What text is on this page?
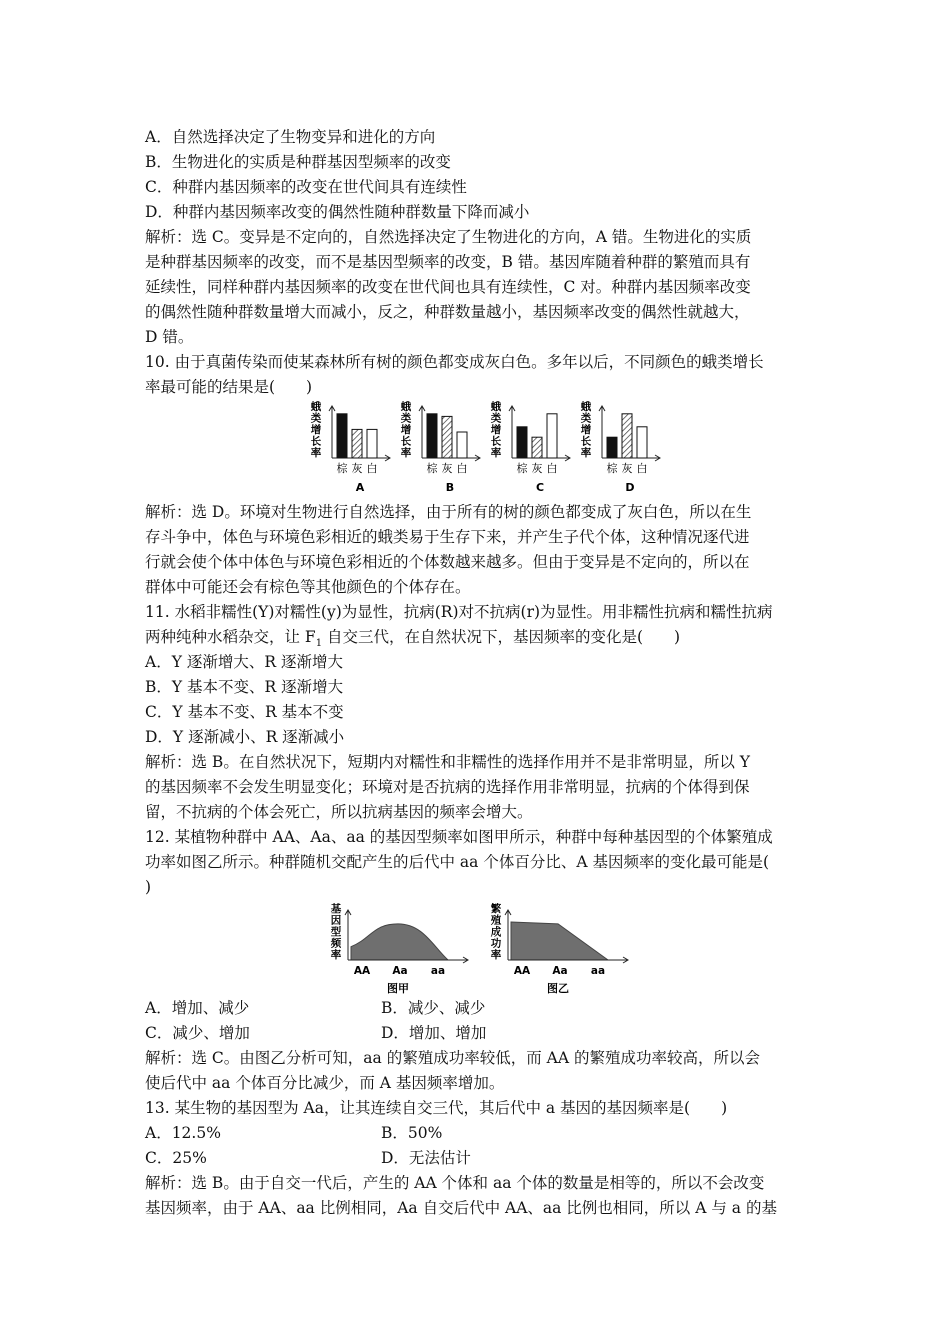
A．自然选择决定了生物变异和进化的方向
B．生物进化的实质是种群基因型频率的改变
C．种群内基因频率的改变在世代间具有连续性
D．种群内基因频率改变的偶然性随种群数量下降而减小
解析：选 C。变异是不定向的，自然选择决定了生物进化的方向，A 错。生物进化的实质
是种群基因频率的改变，而不是基因型频率的改变，B 错。基因库随着种群的繁殖而具有
延续性，同样种群内基因频率的改变在世代间也具有连续性，C 对。种群内基因频率改变
的偶然性随种群数量增大而减小，反之，种群数量越小，基因频率改变的偶然性就越大，
D 错。
10. 由于真菌传染而使某森林所有树的颜色都变成灰白色。多年以后，不同颜色的蛾类增长
率最可能的结果是(　　)
蛾
类
增
长
率
棕 灰 白
A
蛾
类
增
长
率
棕 灰 白
B
蛾
类
增
长
率
棕 灰 白
C
蛾
类
增
长
率
棕 灰 白
D
解析：选 D。环境对生物进行自然选择，由于所有的树的颜色都变成了灰白色，所以在生
存斗争中，体色与环境色彩相近的蛾类易于生存下来，并产生子代个体，这种情况逐代进
行就会使个体中体色与环境色彩相近的个体数越来越多。但由于变异是不定向的，所以在
群体中可能还会有棕色等其他颜色的个体存在。
11. 水稻非糯性(Y)对糯性(y)为显性，抗病(R)对不抗病(r)为显性。用非糯性抗病和糯性抗病
两种纯种水稻杂交，让 $F_1$ 自交三代，在自然状况下，基因频率的变化是(　　)
A．Y 逐渐增大、R 逐渐增大
B．Y 基本不变、R 逐渐增大
C．Y 基本不变、R 基本不变
D．Y 逐渐减小、R 逐渐减小
解析：选 B。在自然状况下，短期内对糯性和非糯性的选择作用并不是非常明显，所以 Y
的基因频率不会发生明显变化；环境对是否抗病的选择作用非常明显，抗病的个体得到保
留，不抗病的个体会死亡，所以抗病基因的频率会增大。
12. 某植物种群中 AA、Aa、aa 的基因型频率如图甲所示，种群中每种基因型的个体繁殖成
功率如图乙所示。种群随机交配产生的后代中 aa 个体百分比、A 基因频率的变化最可能是(
)
基
因
型
频
率
AA Aa aa
图甲
繁
殖
成
功
率
AA Aa aa
图乙
A．增加、减少	B．减少、减少
C．减少、增加	D．增加、增加
解析：选 C。由图乙分析可知，aa 的繁殖成功率较低，而 AA 的繁殖成功率较高，所以会
使后代中 aa 个体百分比减少，而 A 基因频率增加。
13. 某生物的基因型为 Aa，让其连续自交三代，其后代中 a 基因的基因频率是(　　)
A．12.5%	B．50%
C．25%	D．无法估计
解析：选 B。由于自交一代后，产生的 AA 个体和 aa 个体的数量是相等的，所以不会改变
基因频率，由于 AA、aa 比例相同，Aa 自交后代中 AA、aa 比例也相同，所以 A 与 a 的基
